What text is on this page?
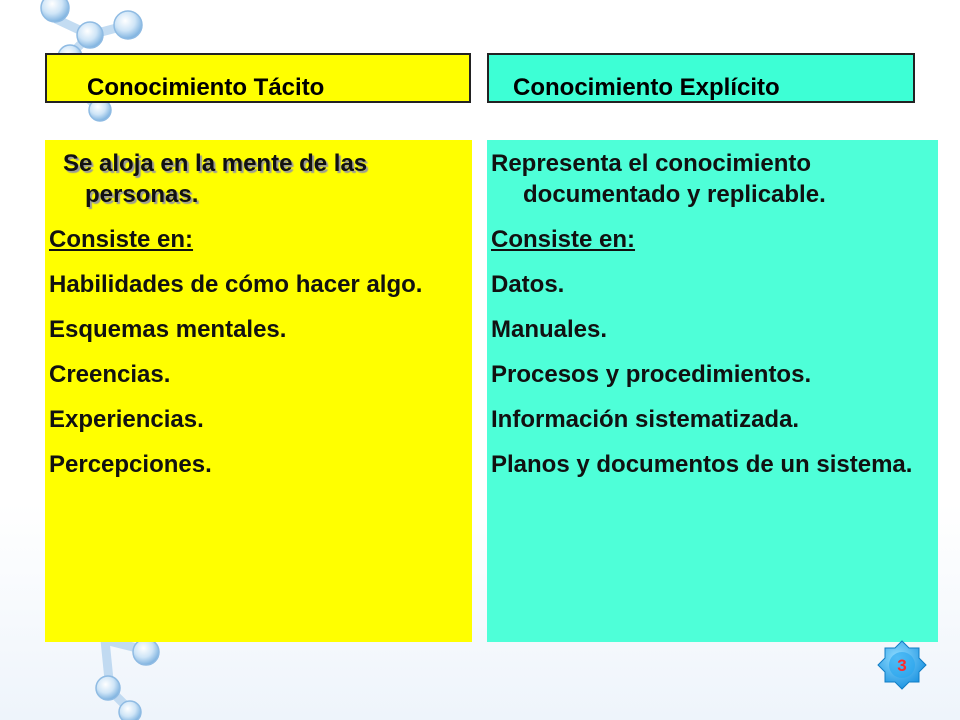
Conocimiento Tácito	Conocimiento Explícito

Se aloja en la mente de las personas.

Consiste en:

Habilidades de cómo hacer algo.

Esquemas mentales.

Creencias.

Experiencias.

Percepciones.

Representa el conocimiento documentado y replicable.

Consiste en:

Datos.

Manuales.

Procesos y procedimientos.

Información sistematizada.

Planos y documentos de un sistema.

3
